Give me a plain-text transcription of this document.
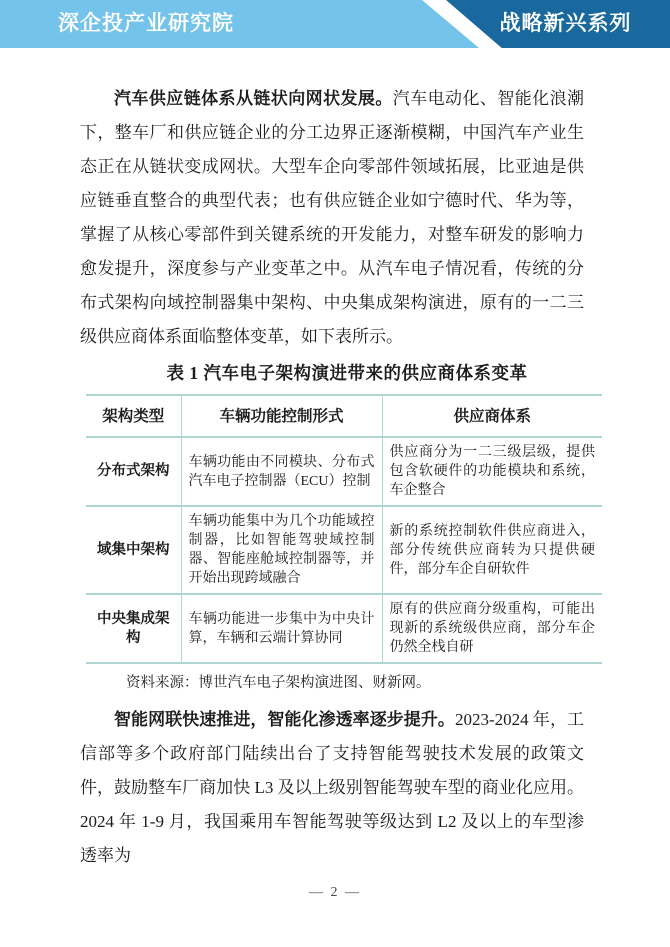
深企投产业研究院	战略新兴系列

汽车供应链体系从链状向网状发展。汽车电动化、智能化浪潮下，整车厂和供应链企业的分工边界正逐渐模糊，中国汽车产业生态正在从链状变成网状。大型车企向零部件领域拓展，比亚迪是供应链垂直整合的典型代表；也有供应链企业如宁德时代、华为等，掌握了从核心零部件到关键系统的开发能力，对整车研发的影响力愈发提升，深度参与产业变革之中。从汽车电子情况看，传统的分布式架构向域控制器集中架构、中央集成架构演进，原有的一二三级供应商体系面临整体变革，如下表所示。

表 1 汽车电子架构演进带来的供应商体系变革
架构类型	车辆功能控制形式	供应商体系
分布式架构	车辆功能由不同模块、分布式汽车电子控制器（ECU）控制	供应商分为一二三级层级，提供包含软硬件的功能模块和系统，车企整合
域集中架构	车辆功能集中为几个功能域控制器，比如智能驾驶域控制器、智能座舱域控制器等，并开始出现跨域融合	新的系统控制软件供应商进入，部分传统供应商转为只提供硬件，部分车企自研软件
中央集成架构	车辆功能进一步集中为中央计算，车辆和云端计算协同	原有的供应商分级重构，可能出现新的系统级供应商，部分车企仍然全栈自研
资料来源：博世汽车电子架构演进图、财新网。

智能网联快速推进，智能化渗透率逐步提升。2023-2024 年，工信部等多个政府部门陆续出台了支持智能驾驶技术发展的政策文件，鼓励整车厂商加快 L3 及以上级别智能驾驶车型的商业化应用。2024 年 1-9 月，我国乘用车智能驾驶等级达到 L2 及以上的车型渗透率为

— 2 —
